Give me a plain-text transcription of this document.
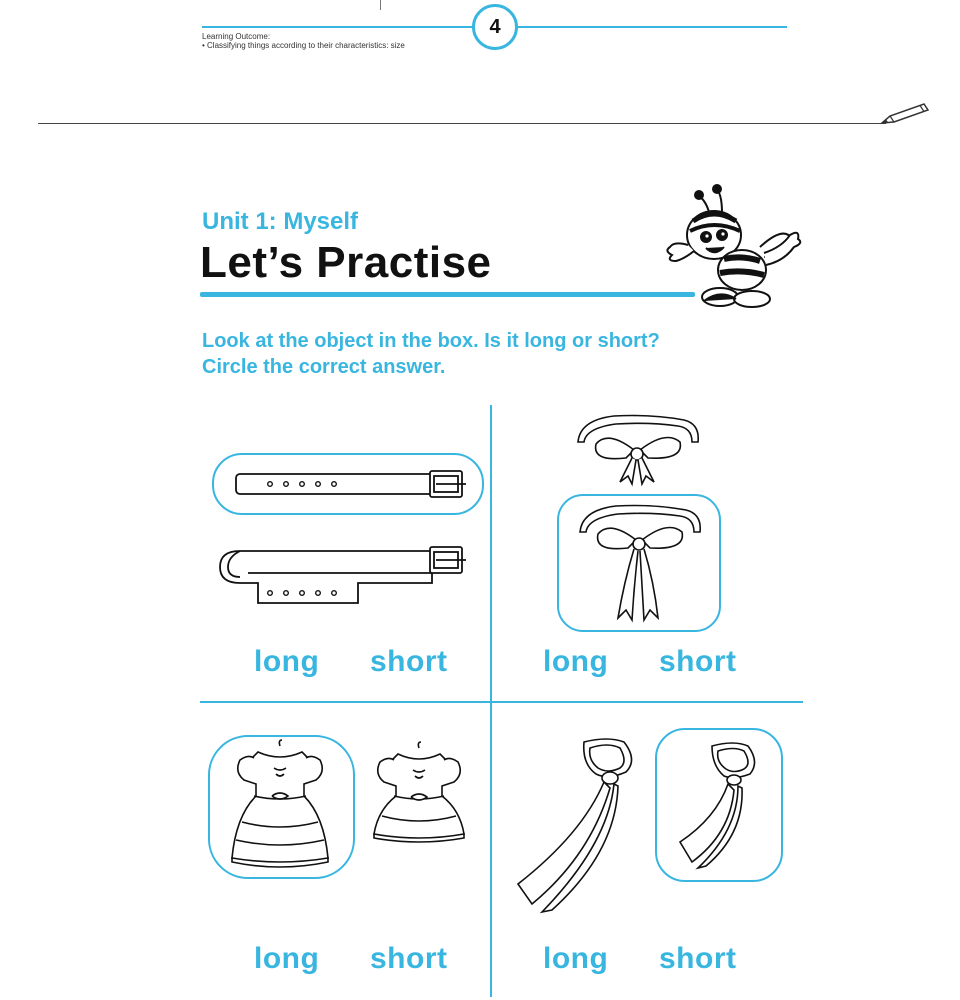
4
Learning Outcome:
• Classifying things according to their characteristics: size
Unit 1: Myself
Let’s Practise
Look at the object in the box. Is it long or short?
Circle the correct answer.
long short	long short
long short	long short
